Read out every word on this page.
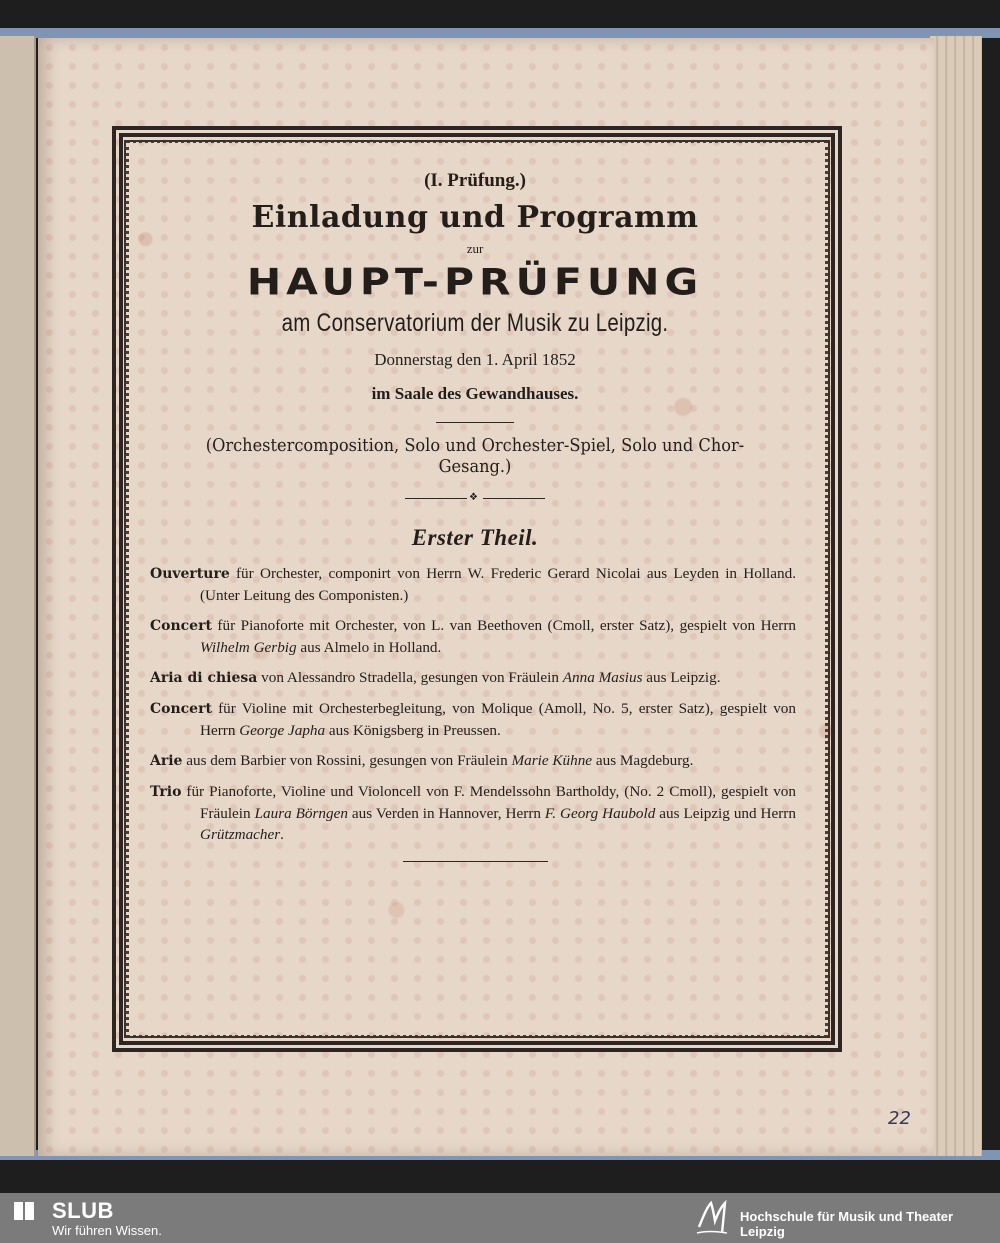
(I. Prüfung.)
Einladung und Programm
zur
HAUPT-PRÜFUNG
am Conservatorium der Musik zu Leipzig.
Donnerstag den 1. April 1852
im Saale des Gewandhauses.
(Orchestercomposition, Solo und Orchester-Spiel, Solo und Chor-Gesang.)
❖
Erster Theil.
Ouverture für Orchester, componirt von Herrn W. Frederic Gerard Nicolai aus Leyden in Holland. (Unter Leitung des Componisten.)
Concert für Pianoforte mit Orchester, von L. van Beethoven (Cmoll, erster Satz), gespielt von Herrn Wilhelm Gerbig aus Almelo in Holland.
Aria di chiesa von Alessandro Stradella, gesungen von Fräulein Anna Masius aus Leipzig.
Concert für Violine mit Orchesterbegleitung, von Molique (Amoll, No. 5, erster Satz), gespielt von Herrn George Japha aus Königsberg in Preussen.
Arie aus dem Barbier von Rossini, gesungen von Fräulein Marie Kühne aus Magdeburg.
Trio für Pianoforte, Violine und Violoncell von F. Mendelssohn Bartholdy, (No. 2 Cmoll), gespielt von Fräulein Laura Börngen aus Verden in Hannover, Herrn F. Georg Haubold aus Leipzig und Herrn Grützmacher.
22
SLUB
Wir führen Wissen.
Hochschule für Musik und Theater Leipzig
